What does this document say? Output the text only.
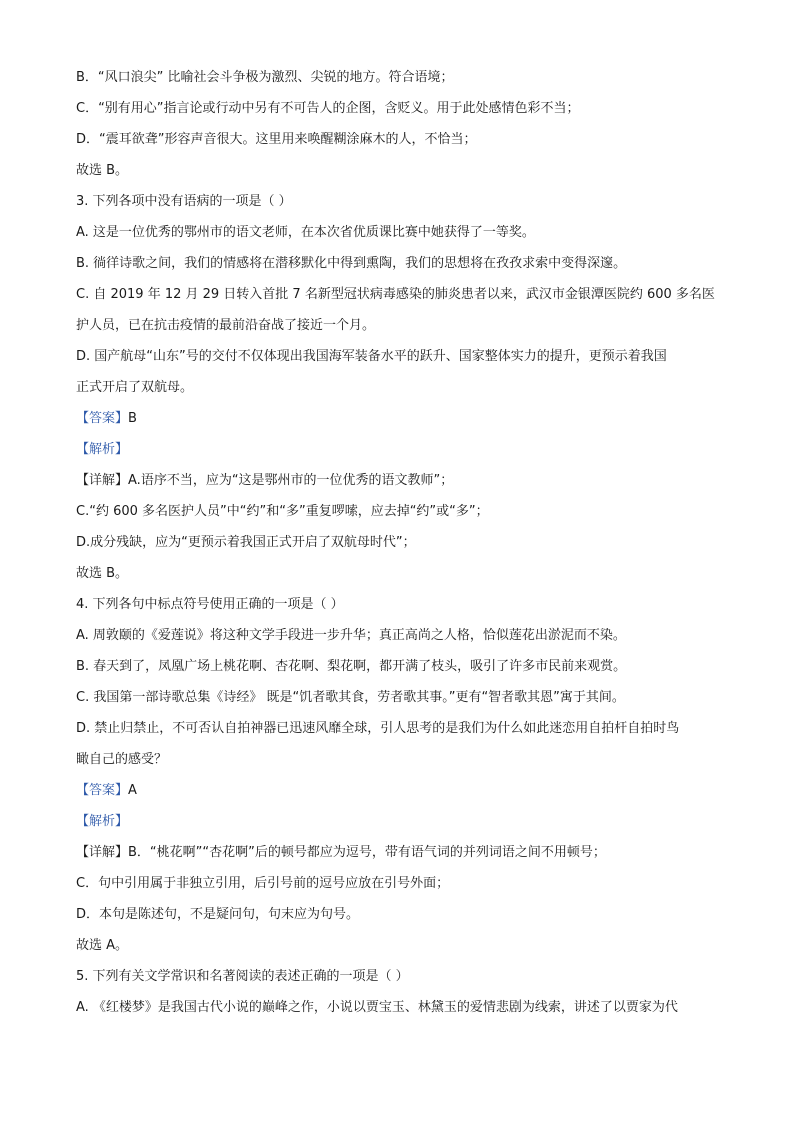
B．“风口浪尖” 比喻社会斗争极为激烈、尖锐的地方。符合语境；
C．“别有用心”指言论或行动中另有不可告人的企图，含贬义。用于此处感情色彩不当；
D．“震耳欲聋”形容声音很大。这里用来唤醒糊涂麻木的人，不恰当；
故选 B。
3. 下列各项中没有语病的一项是（ ）
A. 这是一位优秀的鄂州市的语文老师，在本次省优质课比赛中她获得了一等奖。
B. 徜徉诗歌之间，我们的情感将在潜移默化中得到熏陶，我们的思想将在孜孜求索中变得深邃。
C. 自 2019 年 12 月 29 日转入首批 7 名新型冠状病毒感染的肺炎患者以来，武汉市金银潭医院约 600 多名医
护人员，已在抗击疫情的最前沿奋战了接近一个月。
D. 国产航母“山东”号的交付不仅体现出我国海军装备水平的跃升、国家整体实力的提升，更预示着我国
正式开启了双航母。
【答案】B
【解析】
【详解】A.语序不当，应为“这是鄂州市的一位优秀的语文教师”；
C.“约 600 多名医护人员”中“约”和“多”重复啰嗦，应去掉“约”或“多”；
D.成分残缺，应为“更预示着我国正式开启了双航母时代”；
故选 B。
4. 下列各句中标点符号使用正确的一项是（ ）
A. 周敦颐的《爱莲说》将这种文学手段进一步升华；真正高尚之人格，恰似莲花出淤泥而不染。
B. 春天到了，凤凰广场上桃花啊、杏花啊、梨花啊，都开满了枝头，吸引了许多市民前来观赏。
C. 我国第一部诗歌总集《诗经》 既是“饥者歌其食，劳者歌其事。”更有“智者歌其恩”寓于其间。
D. 禁止归禁止，不可否认自拍神器已迅速风靡全球，引人思考的是我们为什么如此迷恋用自拍杆自拍时鸟
瞰自己的感受？
【答案】A
【解析】
【详解】B．“桃花啊”“杏花啊”后的顿号都应为逗号，带有语气词的并列词语之间不用顿号；
C．句中引用属于非独立引用，后引号前的逗号应放在引号外面；
D．本句是陈述句，不是疑问句，句末应为句号。
故选 A。
5. 下列有关文学常识和名著阅读的表述正确的一项是（ ）
A. 《红楼梦》是我国古代小说的巅峰之作，小说以贾宝玉、林黛玉的爱情悲剧为线索，讲述了以贾家为代
